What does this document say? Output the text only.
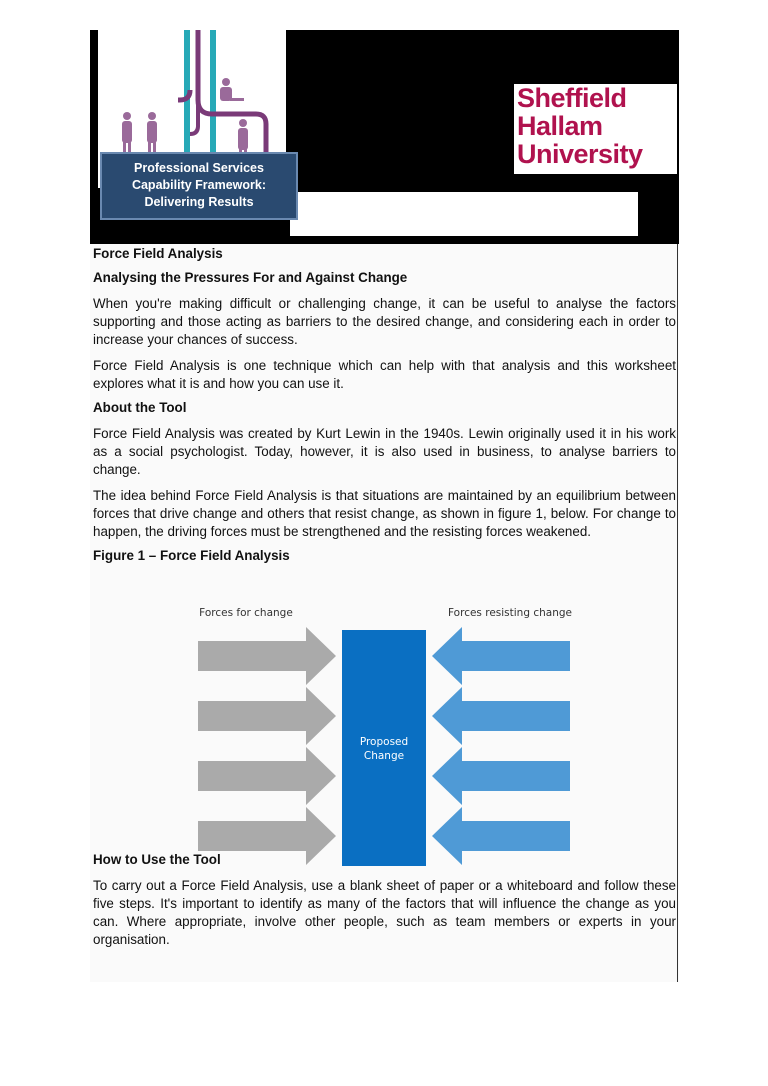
Professional Services
Capability Framework:
Delivering Results
Sheffield
Hallam
University

Force Field Analysis

Analysing the Pressures For and Against Change

When you're making difficult or challenging change, it can be useful to analyse the factors supporting and those acting as barriers to the desired change, and considering each in order to increase your chances of success.

Force Field Analysis is one technique which can help with that analysis and this worksheet explores what it is and how you can use it.

About the Tool

Force Field Analysis was created by Kurt Lewin in the 1940s. Lewin originally used it in his work as a social psychologist. Today, however, it is also used in business, to analyse barriers to change.

The idea behind Force Field Analysis is that situations are maintained by an equilibrium between forces that drive change and others that resist change, as shown in figure 1, below. For change to happen, the driving forces must be strengthened and the resisting forces weakened.

Figure 1 – Force Field Analysis

How to Use the Tool

To carry out a Force Field Analysis, use a blank sheet of paper or a whiteboard and follow these five steps. It's important to identify as many of the factors that will influence the change as you can. Where appropriate, involve other people, such as team members or experts in your organisation.

Forces for change	Forces resisting change
Proposed
Change
